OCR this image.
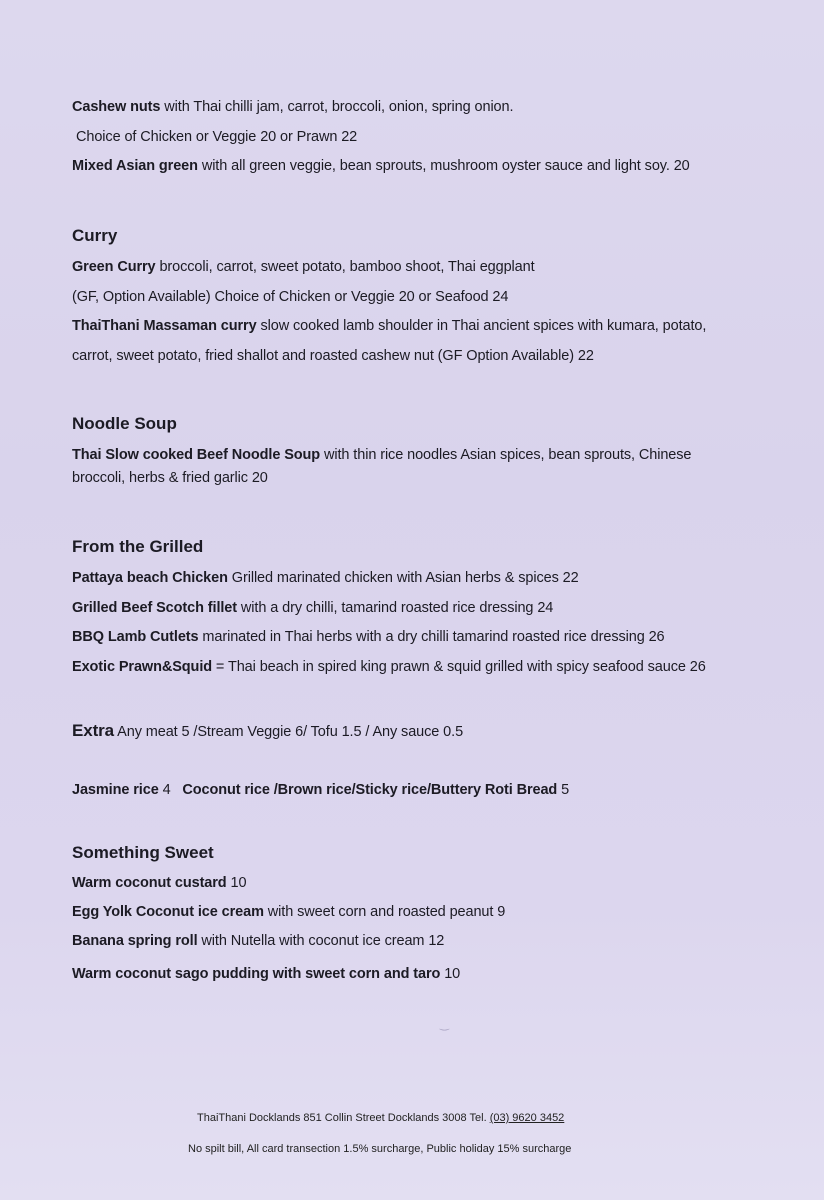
Cashew nuts with Thai chilli jam, carrot, broccoli, onion, spring onion.
Choice of Chicken or Veggie 20 or Prawn 22
Mixed Asian green with all green veggie, bean sprouts, mushroom oyster sauce and light soy. 20
Curry
Green Curry broccoli, carrot, sweet potato, bamboo shoot, Thai eggplant
(GF, Option Available) Choice of Chicken or Veggie 20 or Seafood 24
ThaiThani Massaman curry slow cooked lamb shoulder in Thai ancient spices with kumara, potato,
carrot, sweet potato, fried shallot and roasted cashew nut (GF Option Available) 22
Noodle Soup
Thai Slow cooked Beef Noodle Soup with thin rice noodles Asian spices, bean sprouts, Chinese
broccoli, herbs & fried garlic 20
From the Grilled
Pattaya beach Chicken Grilled marinated chicken with Asian herbs & spices 22
Grilled Beef Scotch fillet with a dry chilli, tamarind roasted rice dressing 24
BBQ Lamb Cutlets marinated in Thai herbs with a dry chilli tamarind roasted rice dressing 26
Exotic Prawn&Squid = Thai beach in spired king prawn & squid grilled with spicy seafood sauce 26
Extra Any meat 5 /Stream Veggie 6/ Tofu 1.5 / Any sauce 0.5
Jasmine rice 4   Coconut rice /Brown rice/Sticky rice/Buttery Roti Bread 5
Something Sweet
Warm coconut custard 10
Egg Yolk Coconut ice cream with sweet corn and roasted peanut 9
Banana spring roll with Nutella with coconut ice cream 12
Warm coconut sago pudding with sweet corn and taro 10
‿
ThaiThani Docklands 851 Collin Street Docklands 3008 Tel. (03) 9620 3452
No spilt bill, All card transection 1.5% surcharge, Public holiday 15% surcharge
